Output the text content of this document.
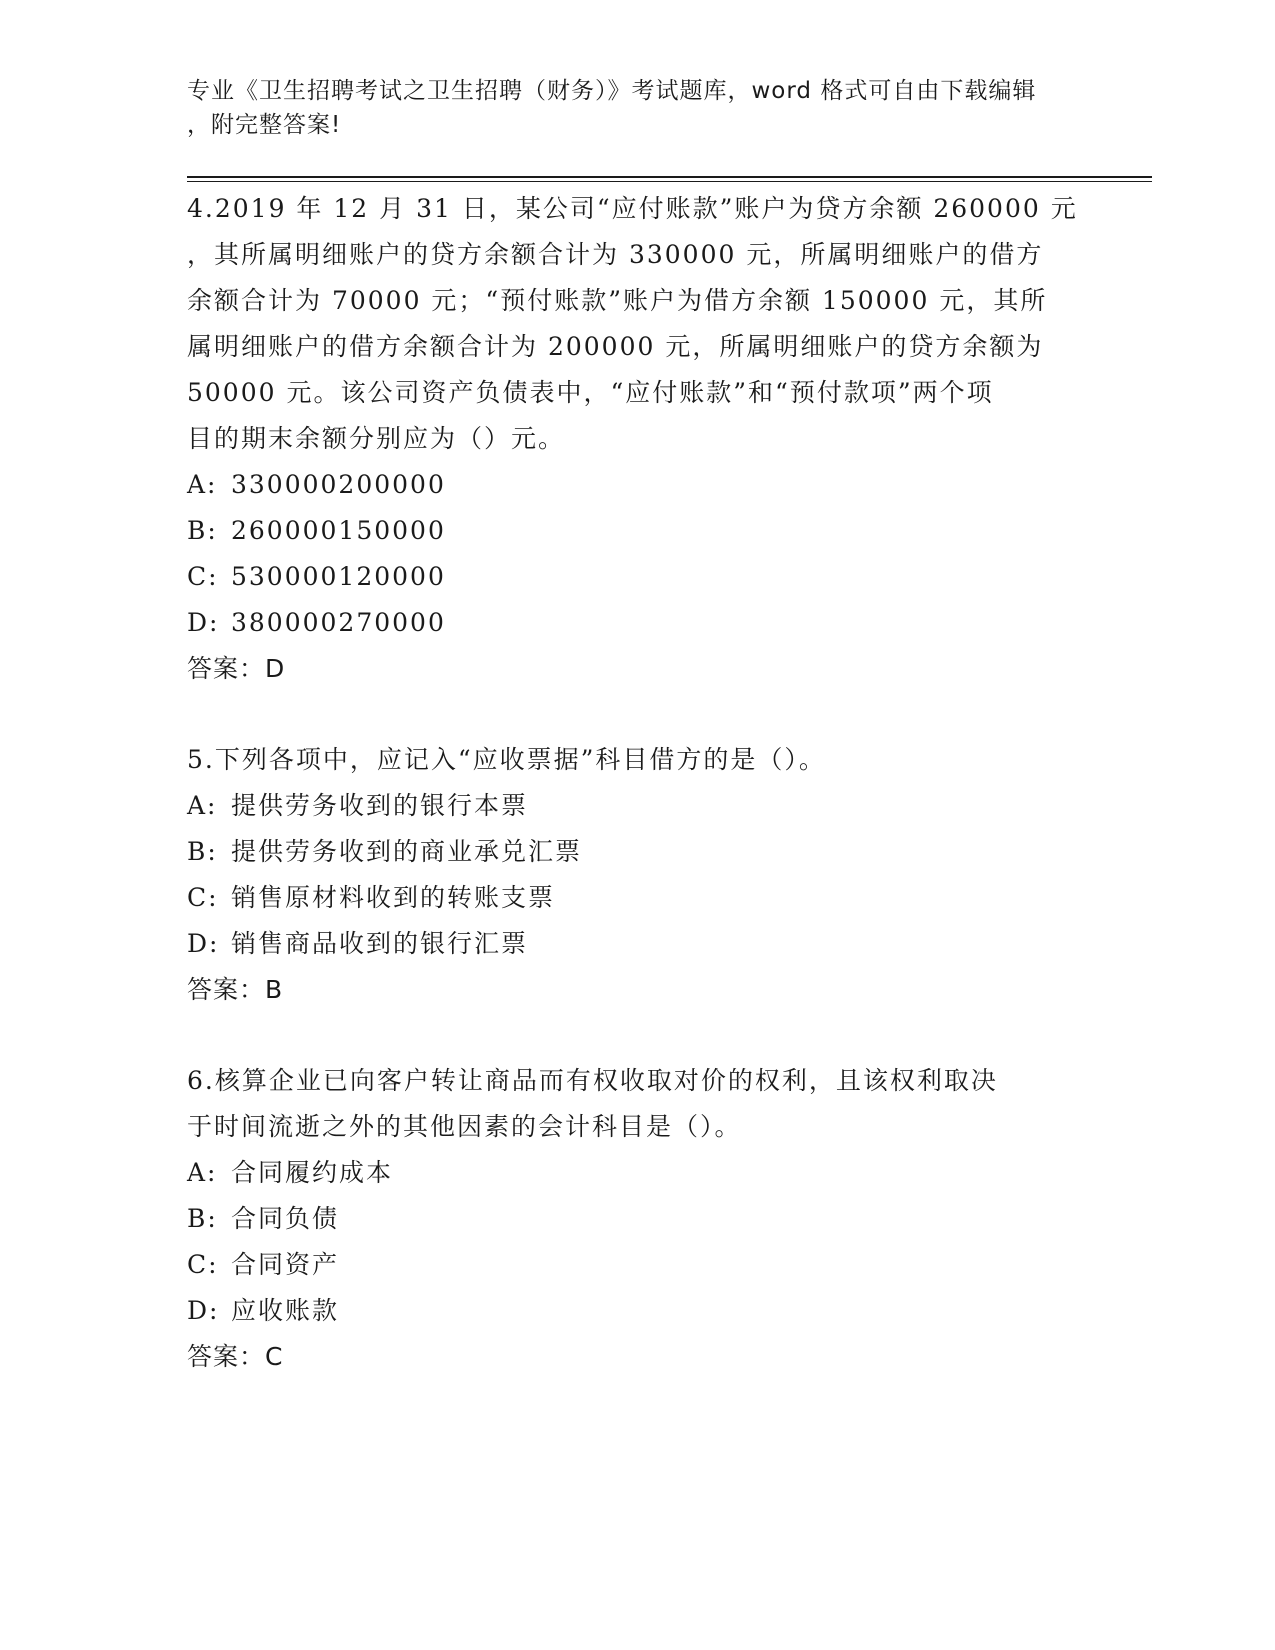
专业《卫生招聘考试之卫生招聘（财务）》考试题库，word 格式可自由下载编辑
，附完整答案!
4.2019 年 12 月 31 日，某公司“应付账款”账户为贷方余额 260000 元
，其所属明细账户的贷方余额合计为 330000 元，所属明细账户的借方
余额合计为 70000 元；“预付账款”账户为借方余额 150000 元，其所
属明细账户的借方余额合计为 200000 元，所属明细账户的贷方余额为
50000 元。该公司资产负债表中，“应付账款”和“预付款项”两个项
目的期末余额分别应为（）元。
A: 330000200000
B: 260000150000
C: 530000120000
D: 380000270000
答案：D
5.下列各项中，应记入“应收票据”科目借方的是（）。
A: 提供劳务收到的银行本票
B: 提供劳务收到的商业承兑汇票
C: 销售原材料收到的转账支票
D: 销售商品收到的银行汇票
答案：B
6.核算企业已向客户转让商品而有权收取对价的权利，且该权利取决
于时间流逝之外的其他因素的会计科目是（）。
A: 合同履约成本
B: 合同负债
C: 合同资产
D: 应收账款
答案：C
